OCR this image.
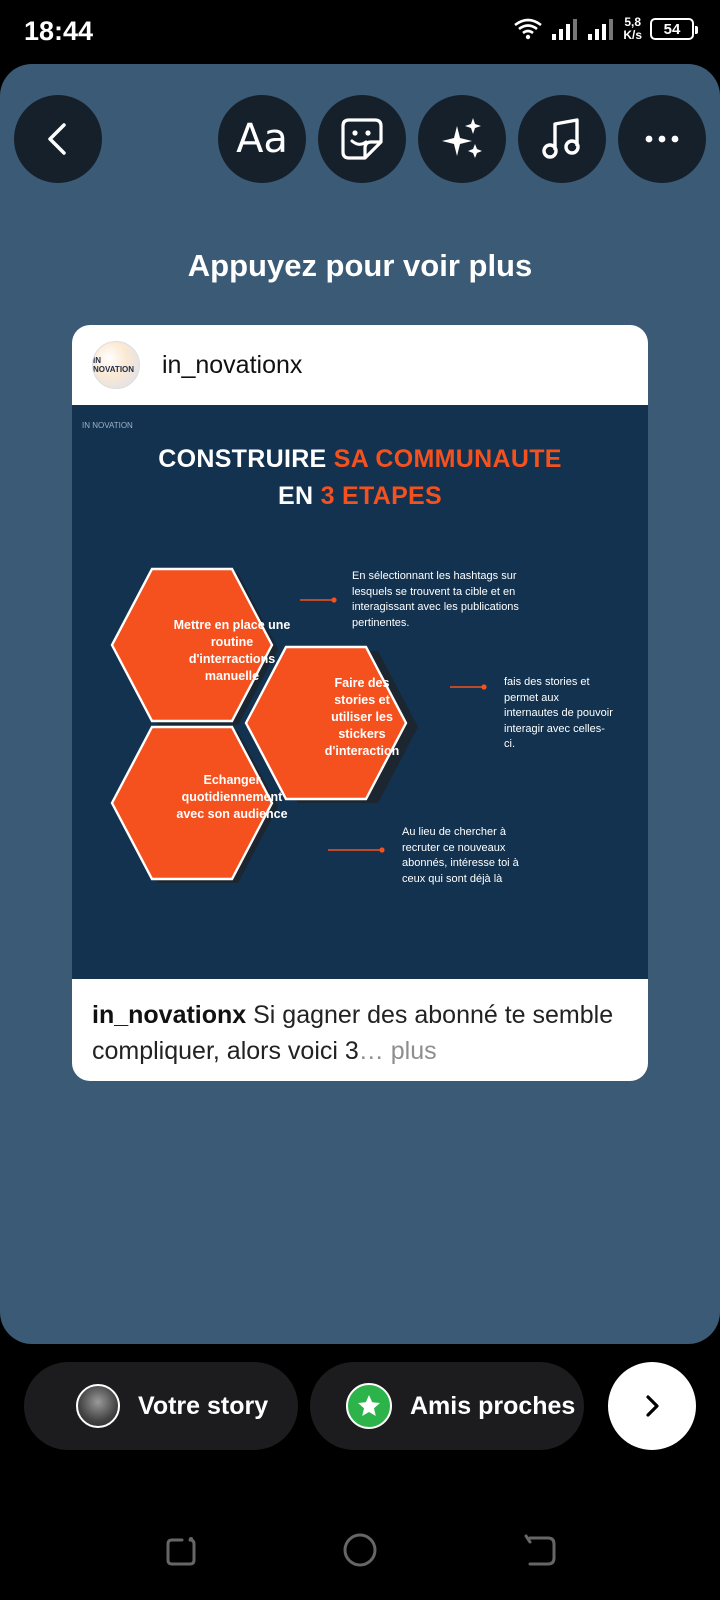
18:44	5,8
K/s 54
Aa
Appuyez pour voir plus
IN NOVATION in_novationx
IN NOVATION
CONSTRUIRE SA COMMUNAUTE
EN 3 ETAPES
Mettre en place une routine d'interractions manuelle	Faire des stories et utiliser les stickers d'interaction
Echanger quotidiennement avec son audience
En sélectionnant les hashtags sur lesquels se trouvent ta cible et en interagissant avec les publications pertinentes.
fais des stories et permet aux internautes de pouvoir interagir avec celles-ci.
Au lieu de chercher à recruter ce nouveaux abonnés, intéresse toi à ceux qui sont déjà là
in_novationx Si gagner des abonné te semble compliquer, alors voici 3… plus
Votre story	Amis proches
